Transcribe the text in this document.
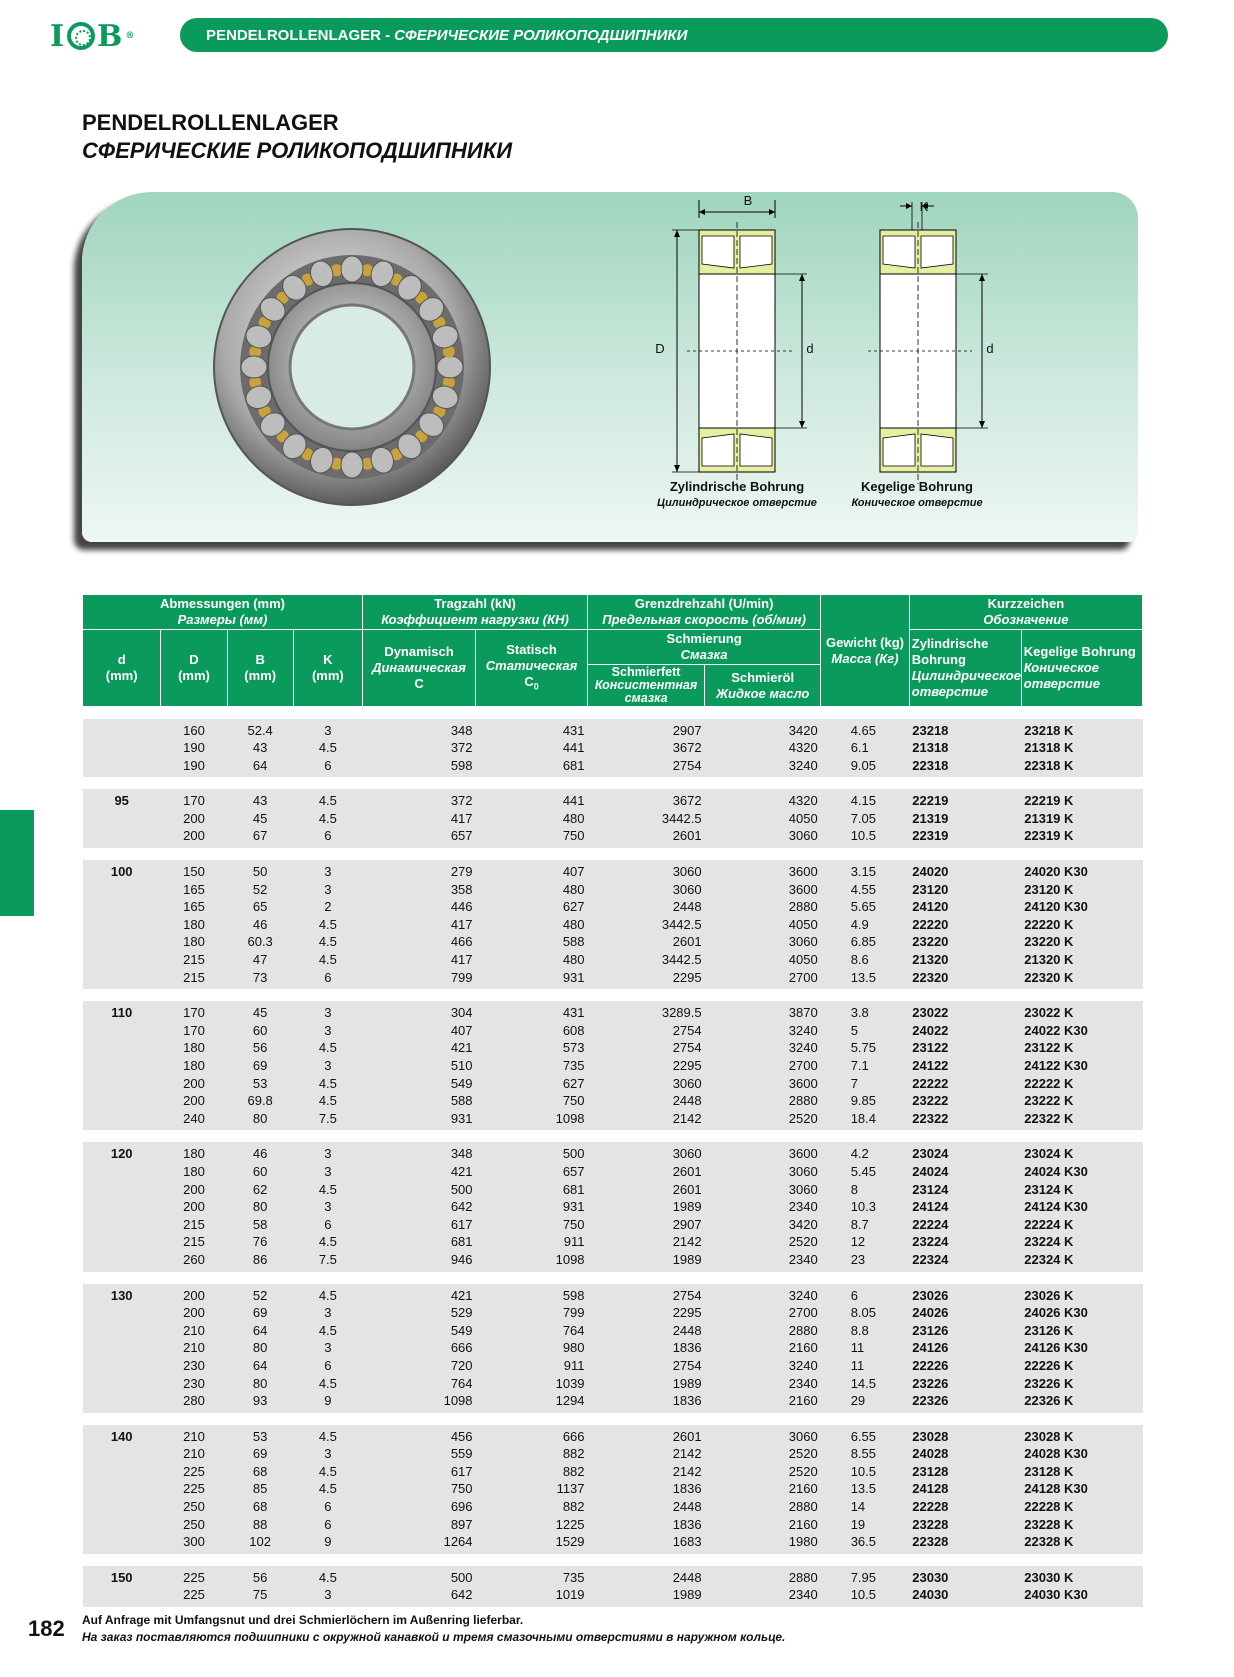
I B ®	PENDELROLLENLAGER - СФЕРИЧЕСКИЕ РОЛИКОПОДШИПНИКИ
PENDELROLLENLAGER
СФЕРИЧЕСКИЕ РОЛИКОПОДШИПНИКИ
B	K
D	d	d
Zylindrische Bohrung
Цилиндрическое отверстие
Kegelige Bohrung
Коническое отверстие
Abmessungen (mm)
Размеры (мм)				Tragzahl (kN)
Коэффициент нагрузки (КН)		Grenzdrehzahl (U/min)
Предельная скорость (об/мин)		Gewicht (kg)
Масса (Кг)	Kurzzeichen
Обозначение	
d
(mm)	D
(mm)	B
(mm)	K
(mm)	Dynamisch
Динамическая
C	Statisch
Статическая
$C_0$	Schmierung
Смазка			Zylindrische Bohrung
Цилиндрическое отверстие	Kegelige Bohrung
Коническое отверстие
						Schmierfett
Консистентная смазка	Schmieröl
Жидкое масло			

	160	52.4	3	348	431	2907	3420	4.65	23218	23218 K
	190	43	4.5	372	441	3672	4320	6.1	21318	21318 K
	190	64	6	598	681	2754	3240	9.05	22318	22318 K

95	170	43	4.5	372	441	3672	4320	4.15	22219	22219 K
	200	45	4.5	417	480	3442.5	4050	7.05	21319	21319 K
	200	67	6	657	750	2601	3060	10.5	22319	22319 K

100	150	50	3	279	407	3060	3600	3.15	24020	24020 K30
	165	52	3	358	480	3060	3600	4.55	23120	23120 K
	165	65	2	446	627	2448	2880	5.65	24120	24120 K30
	180	46	4.5	417	480	3442.5	4050	4.9	22220	22220 K
	180	60.3	4.5	466	588	2601	3060	6.85	23220	23220 K
	215	47	4.5	417	480	3442.5	4050	8.6	21320	21320 K
	215	73	6	799	931	2295	2700	13.5	22320	22320 K

110	170	45	3	304	431	3289.5	3870	3.8	23022	23022 K
	170	60	3	407	608	2754	3240	5	24022	24022 K30
	180	56	4.5	421	573	2754	3240	5.75	23122	23122 K
	180	69	3	510	735	2295	2700	7.1	24122	24122 K30
	200	53	4.5	549	627	3060	3600	7	22222	22222 K
	200	69.8	4.5	588	750	2448	2880	9.85	23222	23222 K
	240	80	7.5	931	1098	2142	2520	18.4	22322	22322 K

120	180	46	3	348	500	3060	3600	4.2	23024	23024 K
	180	60	3	421	657	2601	3060	5.45	24024	24024 K30
	200	62	4.5	500	681	2601	3060	8	23124	23124 K
	200	80	3	642	931	1989	2340	10.3	24124	24124 K30
	215	58	6	617	750	2907	3420	8.7	22224	22224 K
	215	76	4.5	681	911	2142	2520	12	23224	23224 K
	260	86	7.5	946	1098	1989	2340	23	22324	22324 K

130	200	52	4.5	421	598	2754	3240	6	23026	23026 K
	200	69	3	529	799	2295	2700	8.05	24026	24026 K30
	210	64	4.5	549	764	2448	2880	8.8	23126	23126 K
	210	80	3	666	980	1836	2160	11	24126	24126 K30
	230	64	6	720	911	2754	3240	11	22226	22226 K
	230	80	4.5	764	1039	1989	2340	14.5	23226	23226 K
	280	93	9	1098	1294	1836	2160	29	22326	22326 K

140	210	53	4.5	456	666	2601	3060	6.55	23028	23028 K
	210	69	3	559	882	2142	2520	8.55	24028	24028 K30
	225	68	4.5	617	882	2142	2520	10.5	23128	23128 K
	225	85	4.5	750	1137	1836	2160	13.5	24128	24128 K30
	250	68	6	696	882	2448	2880	14	22228	22228 K
	250	88	6	897	1225	1836	2160	19	23228	23228 K
	300	102	9	1264	1529	1683	1980	36.5	22328	22328 K

150	225	56	4.5	500	735	2448	2880	7.95	23030	23030 K
	225	75	3	642	1019	1989	2340	10.5	24030	24030 K30
182 Auf Anfrage mit Umfangsnut und drei Schmierlöchern im Außenring lieferbar.
На заказ поставляются подшипники с окружной канавкой и тремя смазочными отверстиями в наружном кольце.
